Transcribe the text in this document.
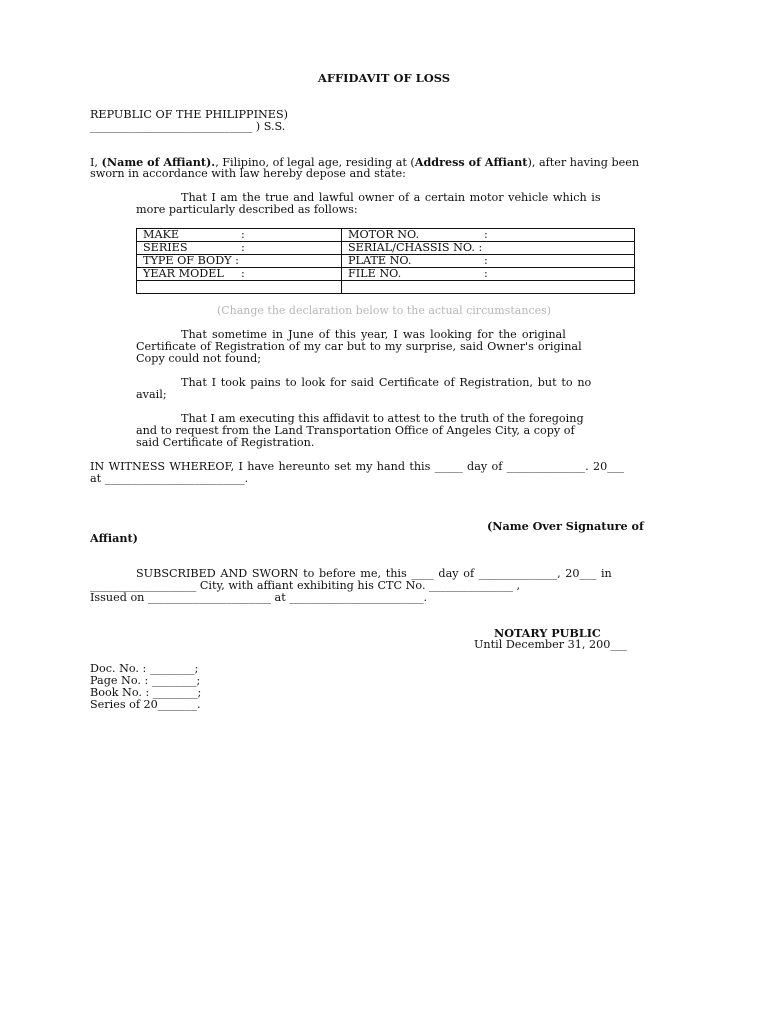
AFFIDAVIT OF LOSS
REPUBLIC OF THE PHILIPPINES)
_____________________________ ) S.S.
I, (Name of Affiant)., Filipino, of legal age, residing at (Address of Affiant), after having been
sworn in accordance with law hereby depose and state:
That I am the true and lawful owner of a certain motor vehicle which is
more particularly described as follows:
MAKE :	MOTOR NO. :

SERIES :	SERIAL/CHASSIS NO. :

TYPE OF BODY :	PLATE NO. :

YEAR MODEL :	FILE NO. :

(Change the declaration below to the actual circumstances)
That sometime in June of this year, I was looking for the original
Certificate of Registration of my car but to my surprise, said Owner's original
Copy could not found;
That I took pains to look for said Certificate of Registration, but to no
avail;
That I am executing this affidavit to attest to the truth of the foregoing
and to request from the Land Transportation Office of Angeles City, a copy of
said Certificate of Registration.
IN WITNESS WHEREOF, I have hereunto set my hand this _____ day of ______________. 20___
at _________________________.
(Name Over Signature of
Affiant)
SUBSCRIBED AND SWORN to before me, this ____ day of ______________, 20___ in
___________________ City, with affiant exhibiting his CTC No. _______________ ,
Issued on ______________________ at ________________________.
NOTARY PUBLIC
Until December 31, 200___
Doc. No. : ________;
Page No. : ________;
Book No. : ________;
Series of 20_______.
